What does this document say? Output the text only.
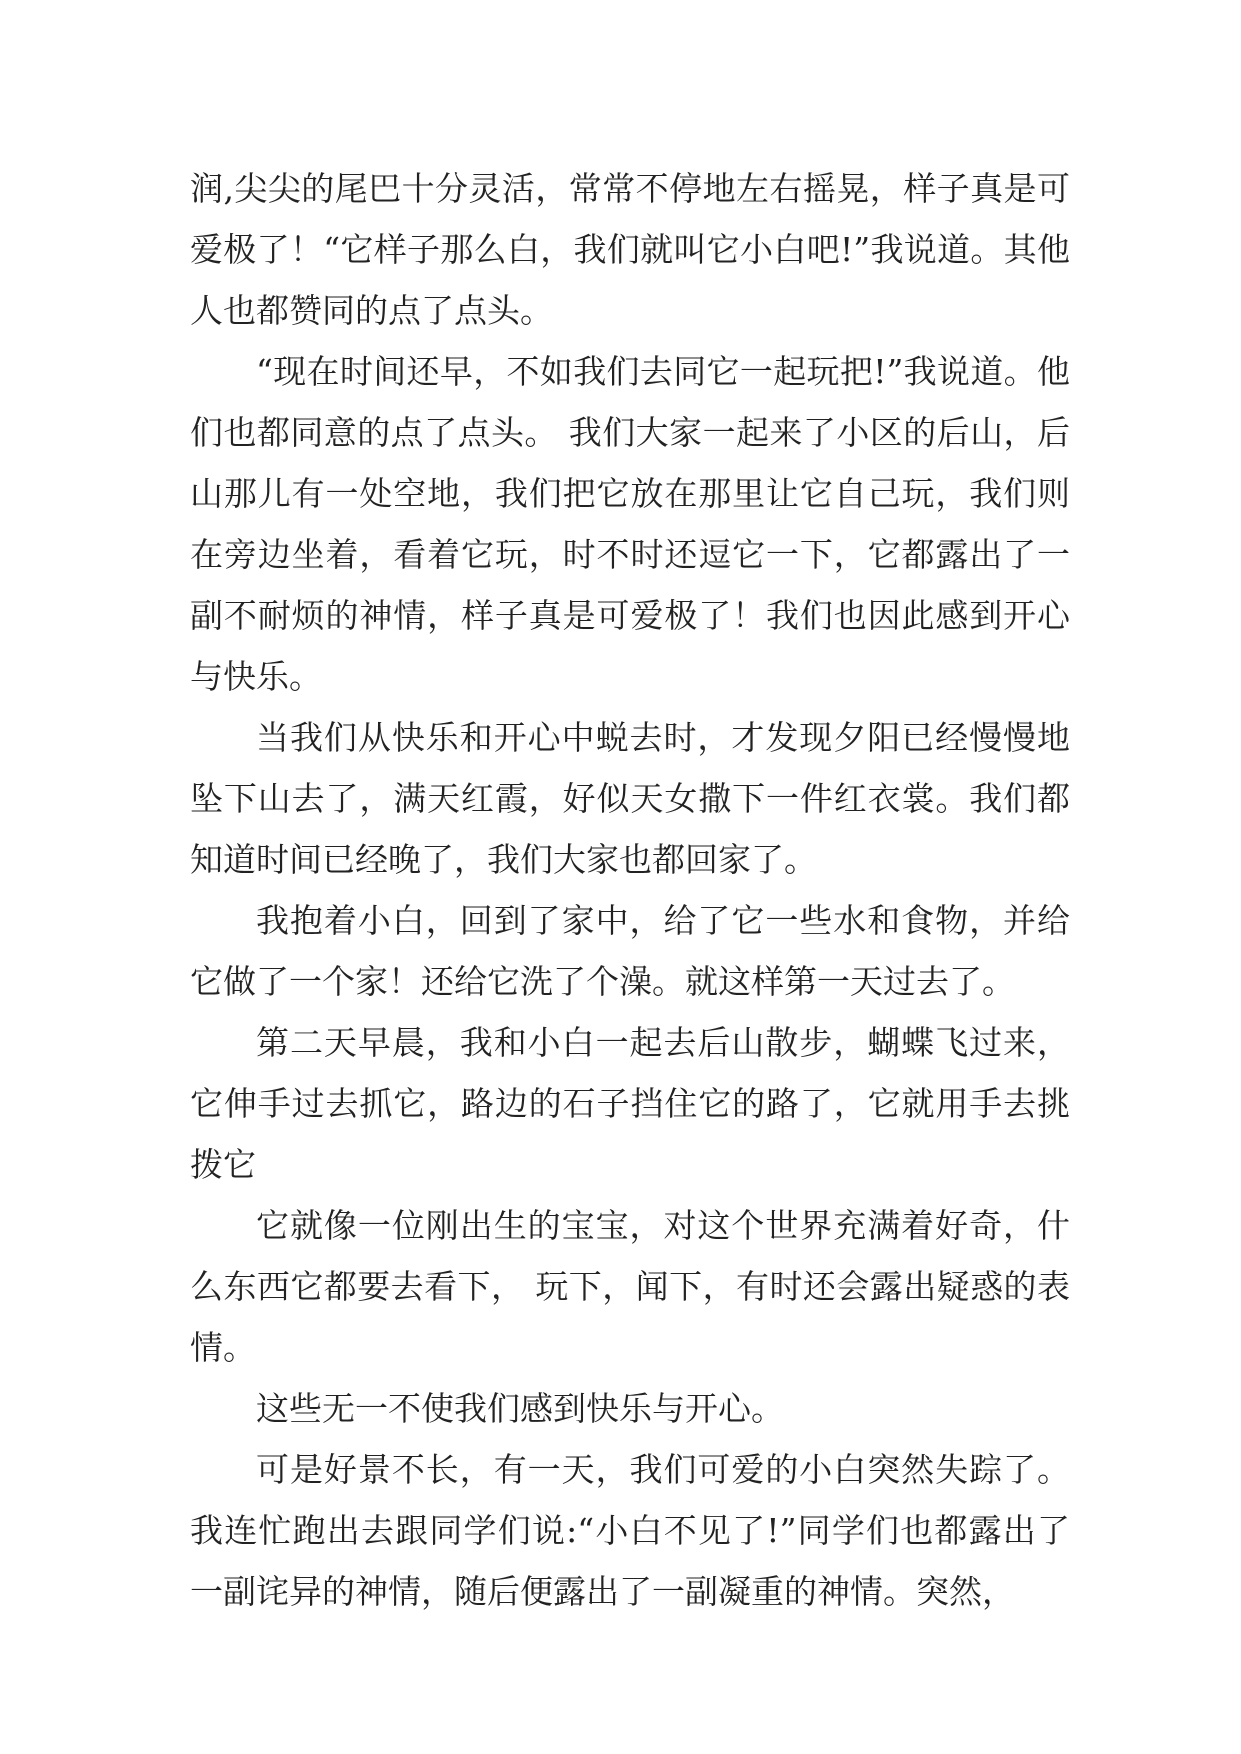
润,尖尖的尾巴十分灵活，常常不停地左右摇晃，样子真是可爱极了！“它样子那么白，我们就叫它小白吧!”我说道。其他人也都赞同的点了点头。

“现在时间还早，不如我们去同它一起玩把!”我说道。他们也都同意的点了点头。 我们大家一起来了小区的后山，后山那儿有一处空地，我们把它放在那里让它自己玩，我们则在旁边坐着，看着它玩，时不时还逗它一下，它都露出了一副不耐烦的神情，样子真是可爱极了！我们也因此感到开心与快乐。

当我们从快乐和开心中蜕去时，才发现夕阳已经慢慢地坠下山去了，满天红霞，好似天女撒下一件红衣裳。我们都知道时间已经晚了，我们大家也都回家了。

我抱着小白，回到了家中，给了它一些水和食物，并给它做了一个家！还给它洗了个澡。就这样第一天过去了。

第二天早晨，我和小白一起去后山散步，蝴蝶飞过来，它伸手过去抓它，路边的石子挡住它的路了，它就用手去挑拨它

它就像一位刚出生的宝宝，对这个世界充满着好奇，什么东西它都要去看下， 玩下，闻下，有时还会露出疑惑的表情。

这些无一不使我们感到快乐与开心。

可是好景不长，有一天，我们可爱的小白突然失踪了。我连忙跑出去跟同学们说:“小白不见了!”同学们也都露出了一副诧异的神情，随后便露出了一副凝重的神情。突然，
